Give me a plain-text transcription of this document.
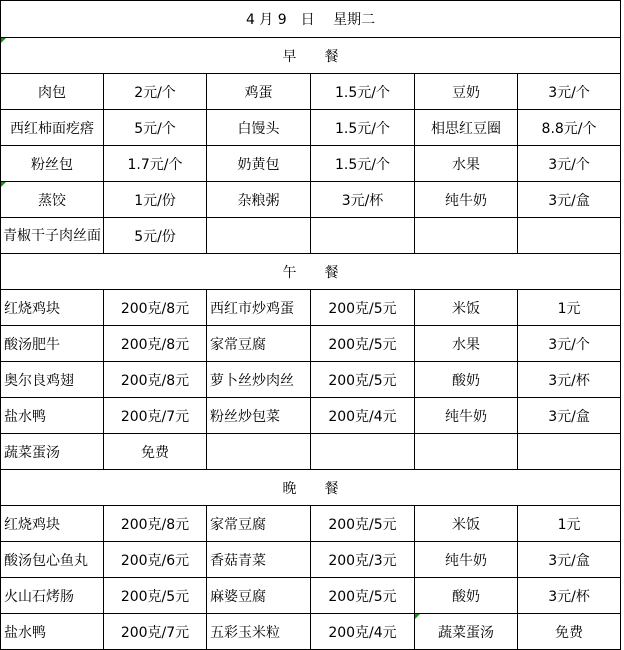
4 月 9　日　 星期二					
早　　餐					
肉包	2元/个	鸡蛋	1.5元/个	豆奶	3元/个
西红柿面疙瘩	5元/个	白馒头	1.5元/个	相思红豆圈	8.8元/个
粉丝包	1.7元/个	奶黄包	1.5元/个	水果	3元/个
蒸饺	1元/份	杂粮粥	3元/杯	纯牛奶	3元/盒
青椒干子肉丝面	5元/份				
午　　餐					
红烧鸡块	200克/8元	西红市炒鸡蛋	200克/5元	米饭	1元
酸汤肥牛	200克/8元	家常豆腐	200克/5元	水果	3元/个
奥尔良鸡翅	200克/8元	萝卜丝炒肉丝	200克/5元	酸奶	3元/杯
盐水鸭	200克/7元	粉丝炒包菜	200克/4元	纯牛奶	3元/盒
蔬菜蛋汤	免费				
晚　　餐					
红烧鸡块	200克/8元	家常豆腐	200克/5元	米饭	1元
酸汤包心鱼丸	200克/6元	香菇青菜	200克/3元	纯牛奶	3元/盒
火山石烤肠	200克/5元	麻婆豆腐	200克/5元	酸奶	3元/杯
盐水鸭	200克/7元	五彩玉米粒	200克/4元	蔬菜蛋汤	免费
